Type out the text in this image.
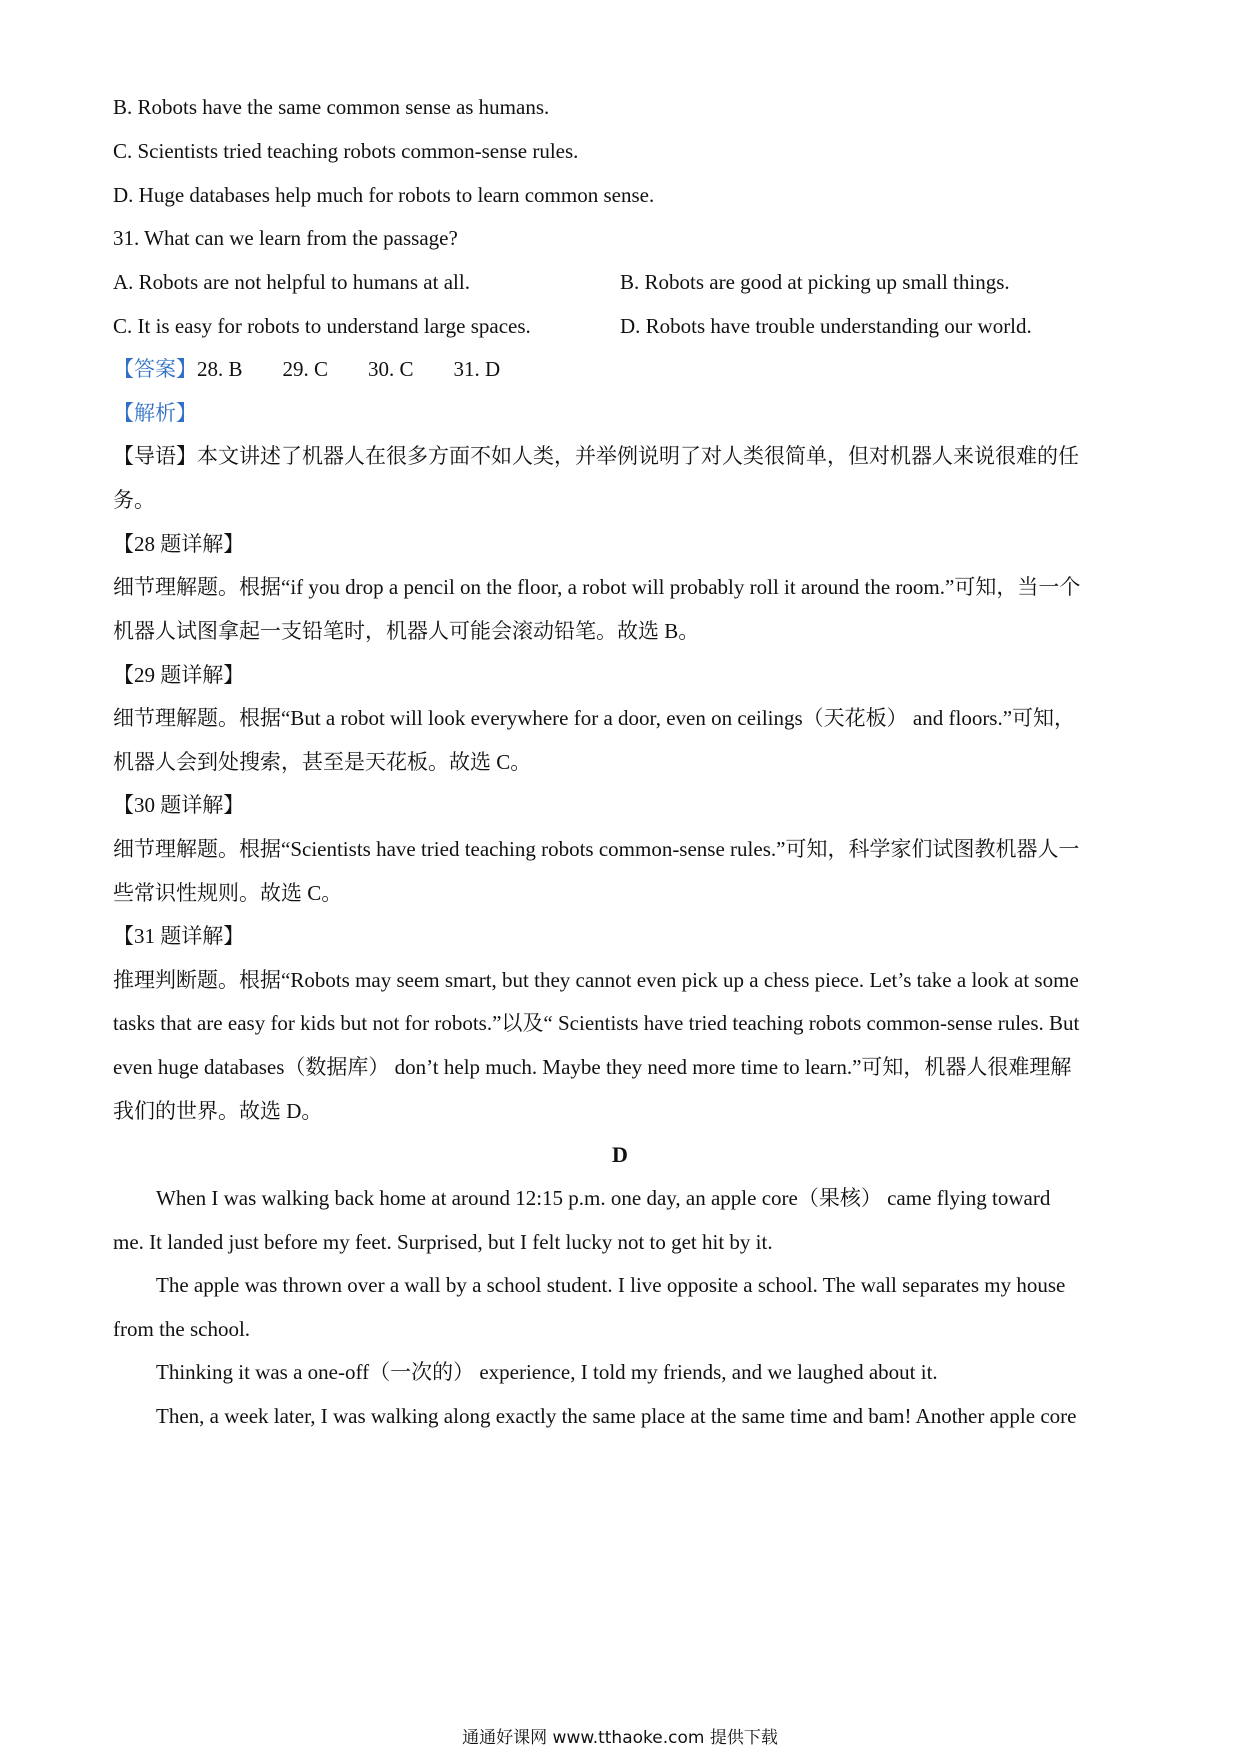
B. Robots have the same common sense as humans.
C. Scientists tried teaching robots common-sense rules.
D. Huge databases help much for robots to learn common sense.
31. What can we learn from the passage?
A. Robots are not helpful to humans at all.	B. Robots are good at picking up small things.
C. It is easy for robots to understand large spaces.	D. Robots have trouble understanding our world.
【答案】28. B 29. C 30. C 31. D
【解析】
【导语】本文讲述了机器人在很多方面不如人类，并举例说明了对人类很简单，但对机器人来说很难的任
务。
【28 题详解】
细节理解题。根据“if you drop a pencil on the floor, a robot will probably roll it around the room.”可知，当一个
机器人试图拿起一支铅笔时，机器人可能会滚动铅笔。故选 B。
【29 题详解】
细节理解题。根据“But a robot will look everywhere for a door, even on ceilings（天花板） and floors.”可知，
机器人会到处搜索，甚至是天花板。故选 C。
【30 题详解】
细节理解题。根据“Scientists have tried teaching robots common-sense rules.”可知，科学家们试图教机器人一
些常识性规则。故选 C。
【31 题详解】
推理判断题。根据“Robots may seem smart, but they cannot even pick up a chess piece. Let’s take a look at some
tasks that are easy for kids but not for robots.”以及“ Scientists have tried teaching robots common-sense rules. But
even huge databases（数据库） don’t help much. Maybe they need more time to learn.”可知，机器人很难理解
我们的世界。故选 D。
D
When I was walking back home at around 12:15 p.m. one day, an apple core（果核） came flying toward
me. It landed just before my feet. Surprised, but I felt lucky not to get hit by it.
The apple was thrown over a wall by a school student. I live opposite a school. The wall separates my house
from the school.
Thinking it was a one-off（一次的） experience, I told my friends, and we laughed about it.
Then, a week later, I was walking along exactly the same place at the same time and bam! Another apple core
通通好课网 www.tthaoke.com 提供下载
